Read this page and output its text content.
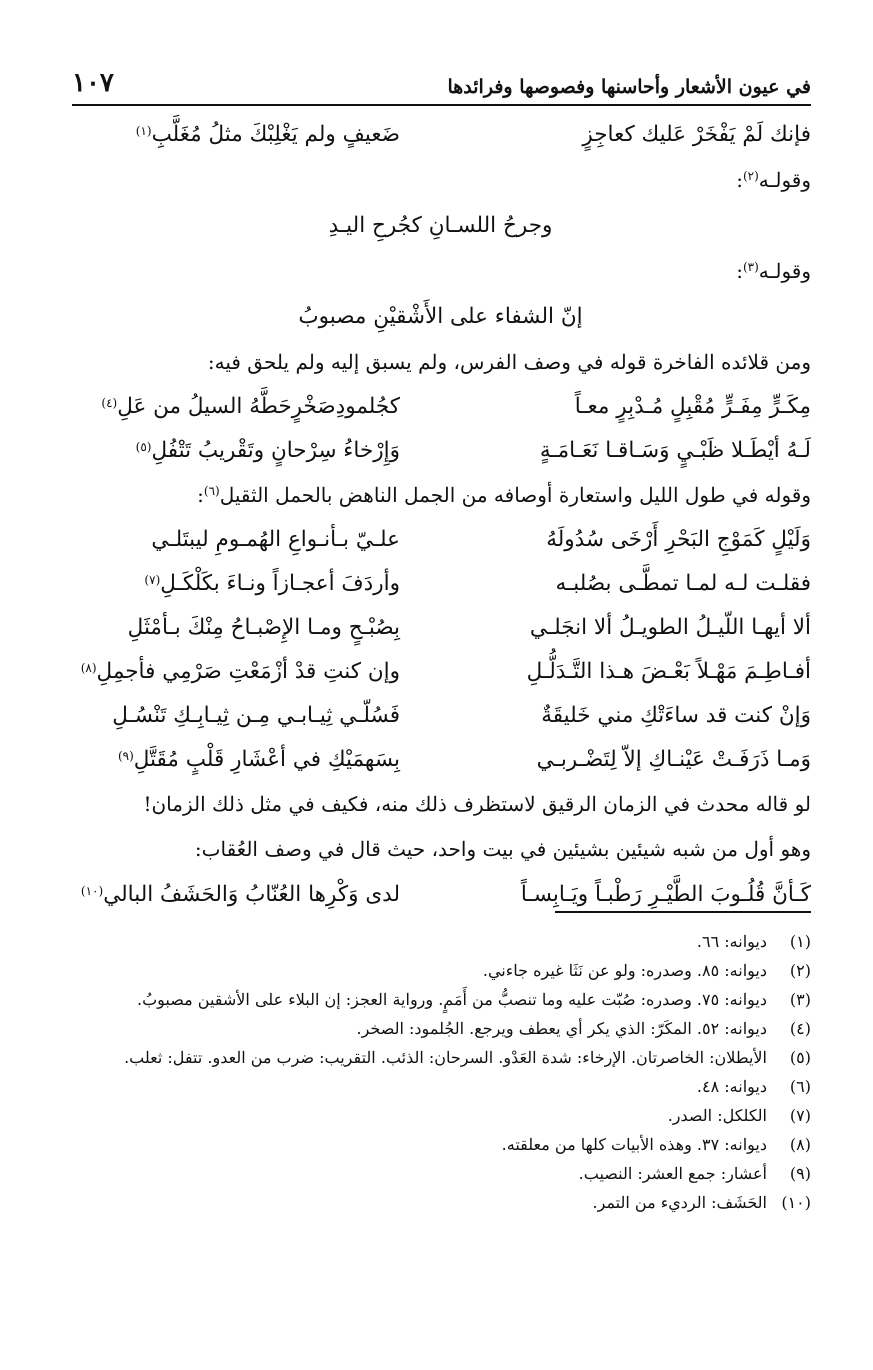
في عيون الأشعار وأحاسنها وفصوصها وفرائدها
١٠٧
فإنك لَمْ يَفْخَرْ عَليك كعاجِزٍ
ضَعيفٍ ولم يَغْلِبْكَ مثلُ مُغَلَّبِ$^{(١)}$
وقولـه$^{(٢)}$:
وجرحُ اللسـانِ كجُرحِ اليـدِ
وقولـه$^{(٣)}$:
إنّ الشفاء على الأَشْقيْنِ مصبوبُ
ومن قلائده الفاخرة قوله في وصف الفرس، ولم يسبق إليه ولم يلحق فيه:
مِكَـرٍّ مِفَـرٍّ مُقْبِلٍ مُـدْبِرٍ معـاً
كجُلمودِصَخْرٍحَطَّهُ السيلُ من عَلِ$^{(٤)}$
لَـهُ أيْطَـلا ظَبْـيٍ وَسَـاقـا نَعَـامَـةٍ
وَإِرْخاءُ سِرْحانٍ وتَقْريبُ تَتْفُلِ$^{(٥)}$
وقوله في طول الليل واستعارة أوصافه من الجمل الناهض بالحمل الثقيل$^{(٦)}$:
وَلَيْلٍ كَمَوْجِ البَحْرِ أَرْخَى سُدُولَهُ
علـيّ بـأنـواعِ الهُمـومِ ليبتَلـي
فقلـت لـه لمـا تمطَّـى بصُلبـه
وأردَفَ أعجـازاً ونـاءَ بكَلْكَـلِ$^{(٧)}$
ألا أيهـا اللّيـلُ الطويـلُ ألا انجَلـي
بِصُبْـحٍ ومـا الإِصْبـاحُ مِنْكَ بـأمْثَلِ
أفـاطِـمَ مَهْـلاً بَعْـضَ هـذا التَّـدَلُّـلِ
وإن كنتِ قدْ أزْمَعْتِ صَرْمِي فأجمِلِ$^{(٨)}$
وَإنْ كنت قد ساءَتْكِ مني خَليقَةٌ
فَسُلّـي ثِيـابـي مِـن ثِيـابِـكِ تَنْسُـلِ
وَمـا ذَرَفَـتْ عَيْنـاكِ إلاّ لِتَضْـربـي
بِسَهمَيْكِ في أعْشَارِ قَلْبٍ مُقَتَّلِ$^{(٩)}$
لو قاله محدث في الزمان الرقيق لاستظرف ذلك منه، فكيف في مثل ذلك الزمان!
وهو أول من شبه شيئين بشيئين في بيت واحد، حيث قال في وصف العُقاب:
كَـأنَّ قُلُـوبَ الطَّيْـرِ رَطْبـاً ويَـابِسـاً
لدى وَكْرِها العُنّابُ وَالحَشَفُ البالي$^{(١٠)}$
(١)
ديوانه: ٦٦.
(٢)
ديوانه: ٨٥. وصدره: ولو عن نَثَا غيره جاءني.
(٣)
ديوانه: ٧٥. وصدره: صُبّت عليه وما تنصبُّ من أَمَمٍ. ورواية العجز: إن البلاء على الأشقين مصبوبُ.
(٤)
ديوانه: ٥٢. المكَرّ: الذي يكر أي يعطف ويرجع. الجُلمود: الصخر.
(٥)
الأيطلان: الخاصرتان. الإرخاء: شدة العَدْو. السرحان: الذئب. التقريب: ضرب من العدو. تتفل: ثعلب.
(٦)
ديوانه: ٤٨.
(٧)
الكلكل: الصدر.
(٨)
ديوانه: ٣٧. وهذه الأبيات كلها من معلقته.
(٩)
أعشار: جمع العشر: النصيب.
(١٠)
الحَشَف: الرديء من التمر.
